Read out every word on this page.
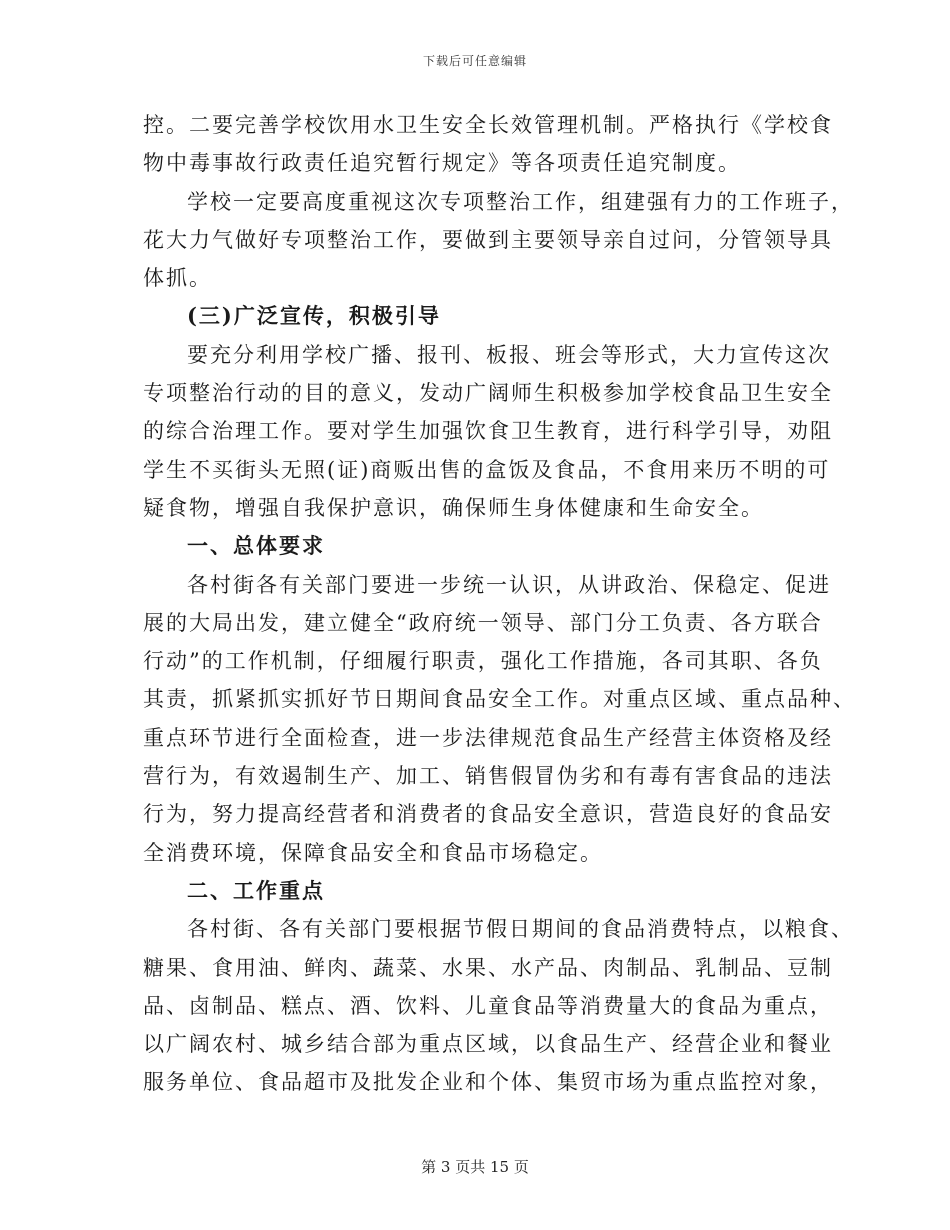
下载后可任意编辑
控。二要完善学校饮用水卫生安全长效管理机制。严格执行《学校食
物中毒事故行政责任追究暂行规定》等各项责任追究制度。
学校一定要高度重视这次专项整治工作，组建强有力的工作班子，
花大力气做好专项整治工作，要做到主要领导亲自过问，分管领导具
体抓。
(三)广泛宣传，积极引导
要充分利用学校广播、报刊、板报、班会等形式，大力宣传这次
专项整治行动的目的意义，发动广阔师生积极参加学校食品卫生安全
的综合治理工作。要对学生加强饮食卫生教育，进行科学引导，劝阻
学生不买街头无照(证)商贩出售的盒饭及食品，不食用来历不明的可
疑食物，增强自我保护意识，确保师生身体健康和生命安全。
一、总体要求
各村街各有关部门要进一步统一认识，从讲政治、保稳定、促进
展的大局出发，建立健全“政府统一领导、部门分工负责、各方联合
行动”的工作机制，仔细履行职责，强化工作措施，各司其职、各负
其责，抓紧抓实抓好节日期间食品安全工作。对重点区域、重点品种、
重点环节进行全面检查，进一步法律规范食品生产经营主体资格及经
营行为，有效遏制生产、加工、销售假冒伪劣和有毒有害食品的违法
行为，努力提高经营者和消费者的食品安全意识，营造良好的食品安
全消费环境，保障食品安全和食品市场稳定。
二、工作重点
各村街、各有关部门要根据节假日期间的食品消费特点，以粮食、
糖果、食用油、鲜肉、蔬菜、水果、水产品、肉制品、乳制品、豆制
品、卤制品、糕点、酒、饮料、儿童食品等消费量大的食品为重点，
以广阔农村、城乡结合部为重点区域，以食品生产、经营企业和餐业
服务单位、食品超市及批发企业和个体、集贸市场为重点监控对象，
第 3 页共 15 页
